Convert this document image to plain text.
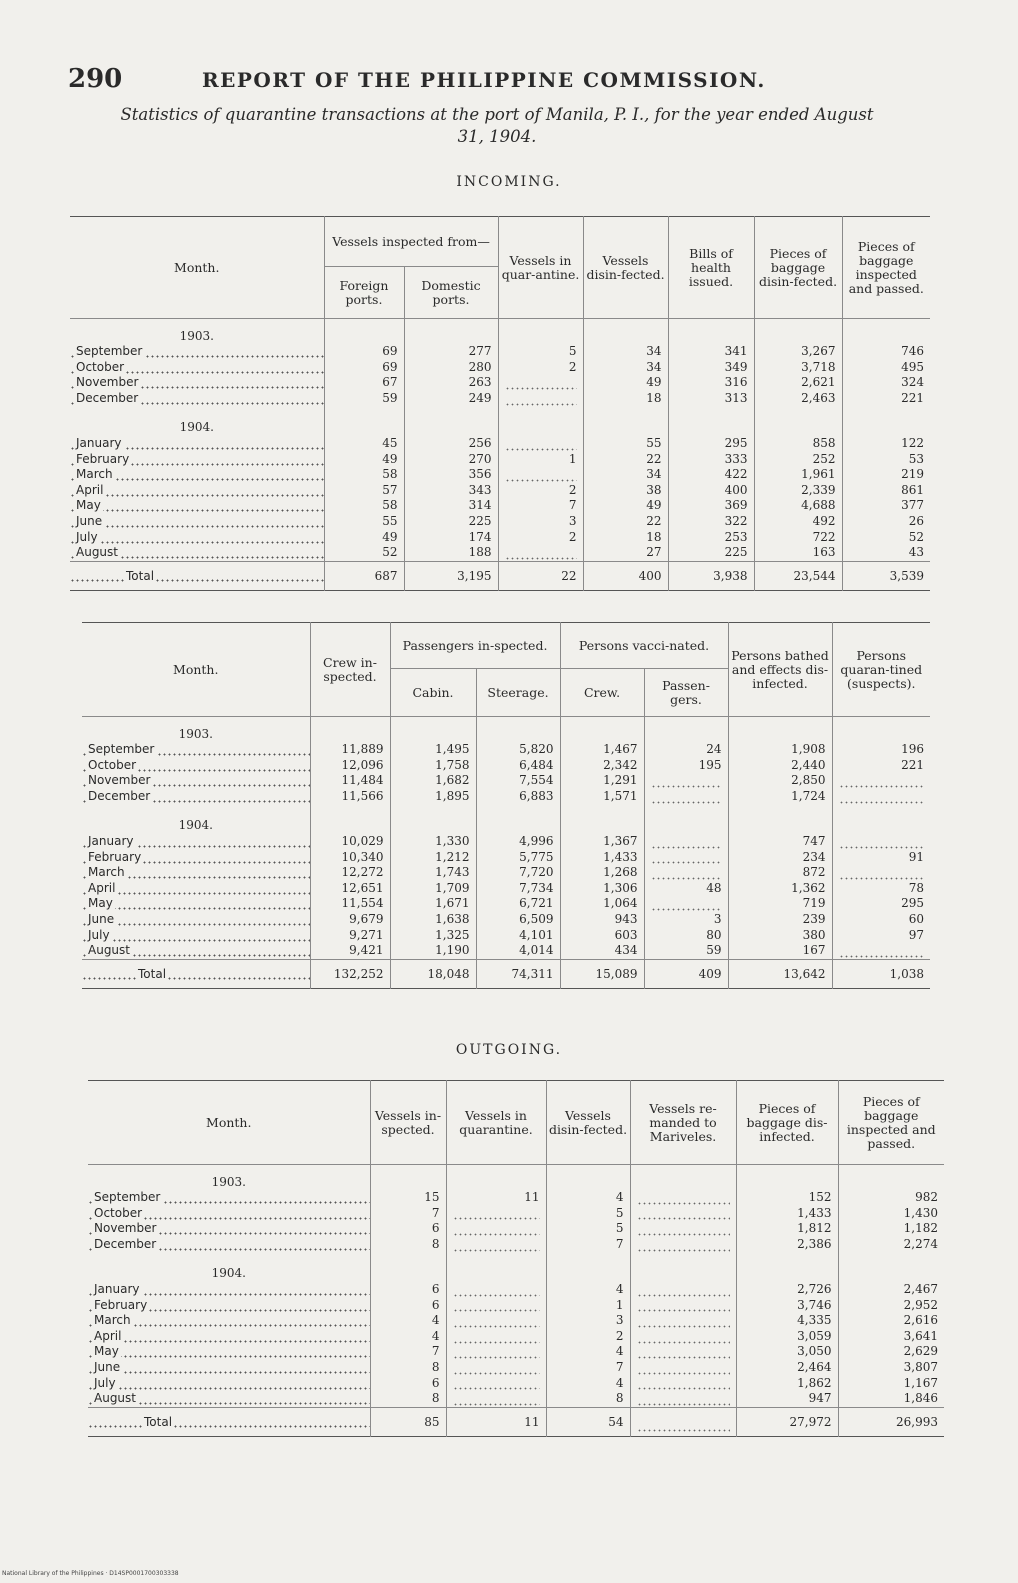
290	REPORT OF THE PHILIPPINE COMMISSION.
Statistics of quarantine transactions at the port of Manila, P. I., for the year ended August
31, 1904.
INCOMING.
Month.	Vessels inspected from—		Vessels in quar-antine.	Vessels disin-fected.	Bills of health issued.	Pieces of baggage disin-fected.	Pieces of baggage inspected and passed.
	Foreign ports.	Domestic ports.					

1903.							
September	69	277	5	34	341	3,267	746
October	69	280	2	34	349	3,718	495
November	67	263		49	316	2,621	324
December	59	249		18	313	2,463	221

1904.							
January	45	256		55	295	858	122
February	49	270	1	22	333	252	53
March	58	356		34	422	1,961	219
April	57	343	2	38	400	2,339	861
May	58	314	7	49	369	4,688	377
June	55	225	3	22	322	492	26
July	49	174	2	18	253	722	52
August	52	188		27	225	163	43
Total	687	3,195	22	400	3,938	23,544	3,539
Month.	Crew in-spected.	Passengers in-spected.		Persons vacci-nated.		Persons bathed and effects dis-infected.	Persons quaran-tined (suspects).
		Cabin.	Steerage.	Crew.	Passen-gers.		

1903.							
September	11,889	1,495	5,820	1,467	24	1,908	196
October	12,096	1,758	6,484	2,342	195	2,440	221
November	11,484	1,682	7,554	1,291		2,850	

December	11,566	1,895	6,883	1,571		1,724	

1904.							
January	10,029	1,330	4,996	1,367		747	

February	10,340	1,212	5,775	1,433		234	91
March	12,272	1,743	7,720	1,268		872	

April	12,651	1,709	7,734	1,306	48	1,362	78
May	11,554	1,671	6,721	1,064		719	295
June	9,679	1,638	6,509	943	3	239	60
July	9,271	1,325	4,101	603	80	380	97
August	9,421	1,190	4,014	434	59	167	

Total	132,252	18,048	74,311	15,089	409	13,642	1,038
OUTGOING.
Month.	Vessels in-spected.	Vessels in quarantine.	Vessels disin-fected.	Vessels re-manded to Mariveles.	Pieces of baggage dis-infected.	Pieces of baggage inspected and passed.

1903.						
September	15	11	4		152	982
October	7		5		1,433	1,430
November	6		5		1,812	1,182
December	8		7		2,386	2,274

1904.						
January	6		4		2,726	2,467
February	6		1		3,746	2,952
March	4		3		4,335	2,616
April	4		2		3,059	3,641
May	7		4		3,050	2,629
June	8		7		2,464	3,807
July	6		4		1,862	1,167
August	8		8		947	1,846
Total	85	11	54		27,972	26,993
National Library of the Philippines · D14SP0001700303338
